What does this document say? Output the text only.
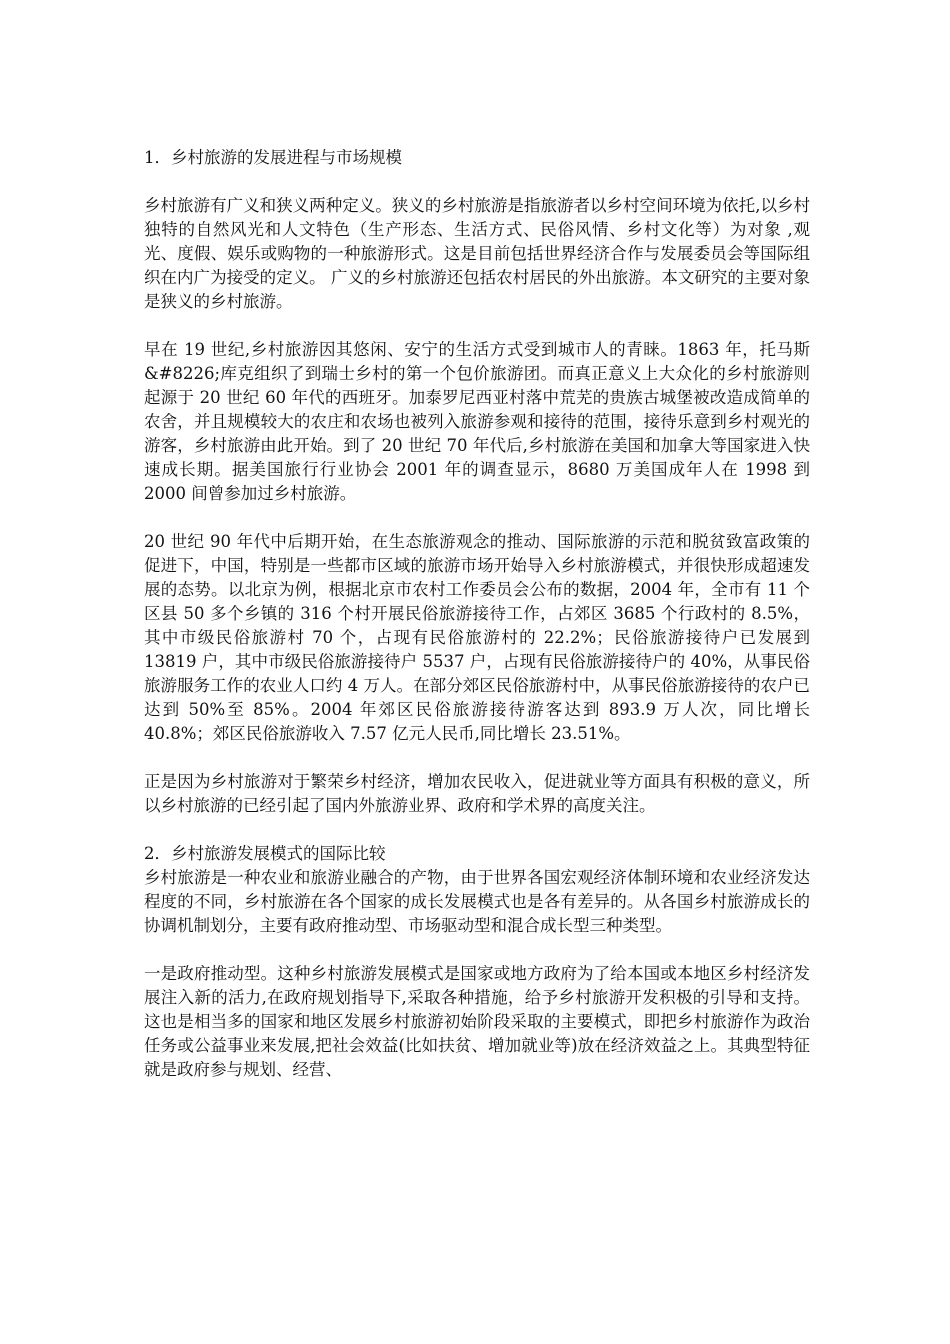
1．乡村旅游的发展进程与市场规模

乡村旅游有广义和狭义两种定义。狭义的乡村旅游是指旅游者以乡村空间环境为依托,以乡村独特的自然风光和人文特色（生产形态、生活方式、民俗风情、乡村文化等）为对象 ,观光、度假、娱乐或购物的一种旅游形式。这是目前包括世界经济合作与发展委员会等国际组织在内广为接受的定义。 广义的乡村旅游还包括农村居民的外出旅游。本文研究的主要对象是狭义的乡村旅游。

早在 19 世纪,乡村旅游因其悠闲、安宁的生活方式受到城市人的青睐。1863 年，托马斯&#8226;库克组织了到瑞士乡村的第一个包价旅游团。而真正意义上大众化的乡村旅游则起源于 20 世纪 60 年代的西班牙。加泰罗尼西亚村落中荒芜的贵族古城堡被改造成简单的农舍，并且规模较大的农庄和农场也被列入旅游参观和接待的范围，接待乐意到乡村观光的游客，乡村旅游由此开始。到了 20 世纪 70 年代后,乡村旅游在美国和加拿大等国家进入快速成长期。据美国旅行行业协会 2001 年的调查显示，8680 万美国成年人在 1998 到 2000 间曾参加过乡村旅游。

20 世纪 90 年代中后期开始，在生态旅游观念的推动、国际旅游的示范和脱贫致富政策的促进下，中国，特别是一些都市区域的旅游市场开始导入乡村旅游模式，并很快形成超速发展的态势。以北京为例，根据北京市农村工作委员会公布的数据，2004 年，全市有 11 个区县 50 多个乡镇的 316 个村开展民俗旅游接待工作，占郊区 3685 个行政村的 8.5%，其中市级民俗旅游村 70 个，占现有民俗旅游村的 22.2%；民俗旅游接待户已发展到 13819 户，其中市级民俗旅游接待户 5537 户，占现有民俗旅游接待户的 40%，从事民俗旅游服务工作的农业人口约 4 万人。在部分郊区民俗旅游村中，从事民俗旅游接待的农户已达到 50%至 85%。2004 年郊区民俗旅游接待游客达到 893.9 万人次，同比增长 40.8%；郊区民俗旅游收入 7.57 亿元人民币,同比增长 23.51%。

正是因为乡村旅游对于繁荣乡村经济，增加农民收入，促进就业等方面具有积极的意义，所以乡村旅游的已经引起了国内外旅游业界、政府和学术界的高度关注。

2．乡村旅游发展模式的国际比较

乡村旅游是一种农业和旅游业融合的产物，由于世界各国宏观经济体制环境和农业经济发达程度的不同，乡村旅游在各个国家的成长发展模式也是各有差异的。从各国乡村旅游成长的协调机制划分，主要有政府推动型、市场驱动型和混合成长型三种类型。

一是政府推动型。这种乡村旅游发展模式是国家或地方政府为了给本国或本地区乡村经济发展注入新的活力,在政府规划指导下,采取各种措施，给予乡村旅游开发积极的引导和支持。这也是相当多的国家和地区发展乡村旅游初始阶段采取的主要模式，即把乡村旅游作为政治任务或公益事业来发展,把社会效益(比如扶贫、增加就业等)放在经济效益之上。其典型特征就是政府参与规划、经营、
